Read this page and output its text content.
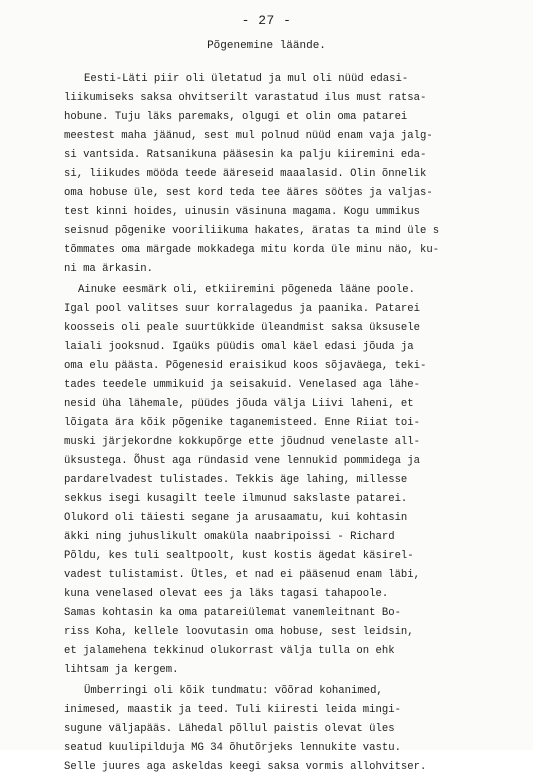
- 27 -
Põgenemine läände.
Eesti-Läti piir oli ületatud ja mul oli nüüd edasi-
liikumiseks saksa ohvitserilt varastatud ilus must ratsa-
hobune. Tuju läks paremaks, olgugi et olin oma patarei
meestest maha jäänud, sest mul polnud nüüd enam vaja jalg-
si vantsida. Ratsanikuna pääsesin ka palju kiiremini eda-
si, liikudes mööda teede ääreseid maaalasid. Olin õnnelik
oma hobuse üle, sest kord teda tee ääres söötes ja valjas-
test kinni hoides, uinusin väsinuna magama. Kogu ummikus
seisnud põgenike vooriliikuma hakates, äratas ta mind üle s
tõmmates oma märgade mokkadega mitu korda üle minu näo, ku-
ni ma ärkasin.
Ainuke eesmärk oli, etkiiremini põgeneda lääne poole.
Igal pool valitses suur korralagedus ja paanika. Patarei
koosseis oli peale suurtükkide üleandmist saksa üksusele
laiali jooksnud. Igaüks püüdis omal käel edasi jõuda ja
oma elu päästa. Põgenesid eraisikud koos sõjaväega, teki-
tades teedele ummikuid ja seisakuid. Venelased aga lähe-
nesid üha lähemale, püüdes jõuda välja Liivi laheni, et
lõigata ära kõik põgenike taganemisteed. Enne Riiat toi-
muski järjekordne kokkupõrge ette jõudnud venelaste all-
üksustega. Õhust aga ründasid vene lennukid pommidega ja
pardarelvadest tulistades. Tekkis äge lahing, millesse
sekkus isegi kusagilt teele ilmunud sakslaste patarei.
Olukord oli täiesti segane ja arusaamatu, kui kohtasin
äkki ning juhuslikult omaküla naabripoissi - Richard
Põldu, kes tuli sealtpoolt, kust kostis ägedat käsirel-
vadest tulistamist. Ütles, et nad ei pääsenud enam läbi,
kuna venelased olevat ees ja läks tagasi tahapoole.
Samas kohtasin ka oma patareiülemat vanemleitnant Bo-
riss Koha, kellele loovutasin oma hobuse, sest leidsin,
et jalamehena tekkinud olukorrast välja tulla on ehk
lihtsam ja kergem.
Ümberringi oli kõik tundmatu: võõrad kohanimed,
inimesed, maastik ja teed. Tuli kiiresti leida mingi-
sugune väljapääs. Lähedal põllul paistis olevat üles
seatud kuulipilduja MG 34 õhutõrjeks lennukite vastu.
Selle juures aga askeldas keegi saksa vormis allohvitser.
